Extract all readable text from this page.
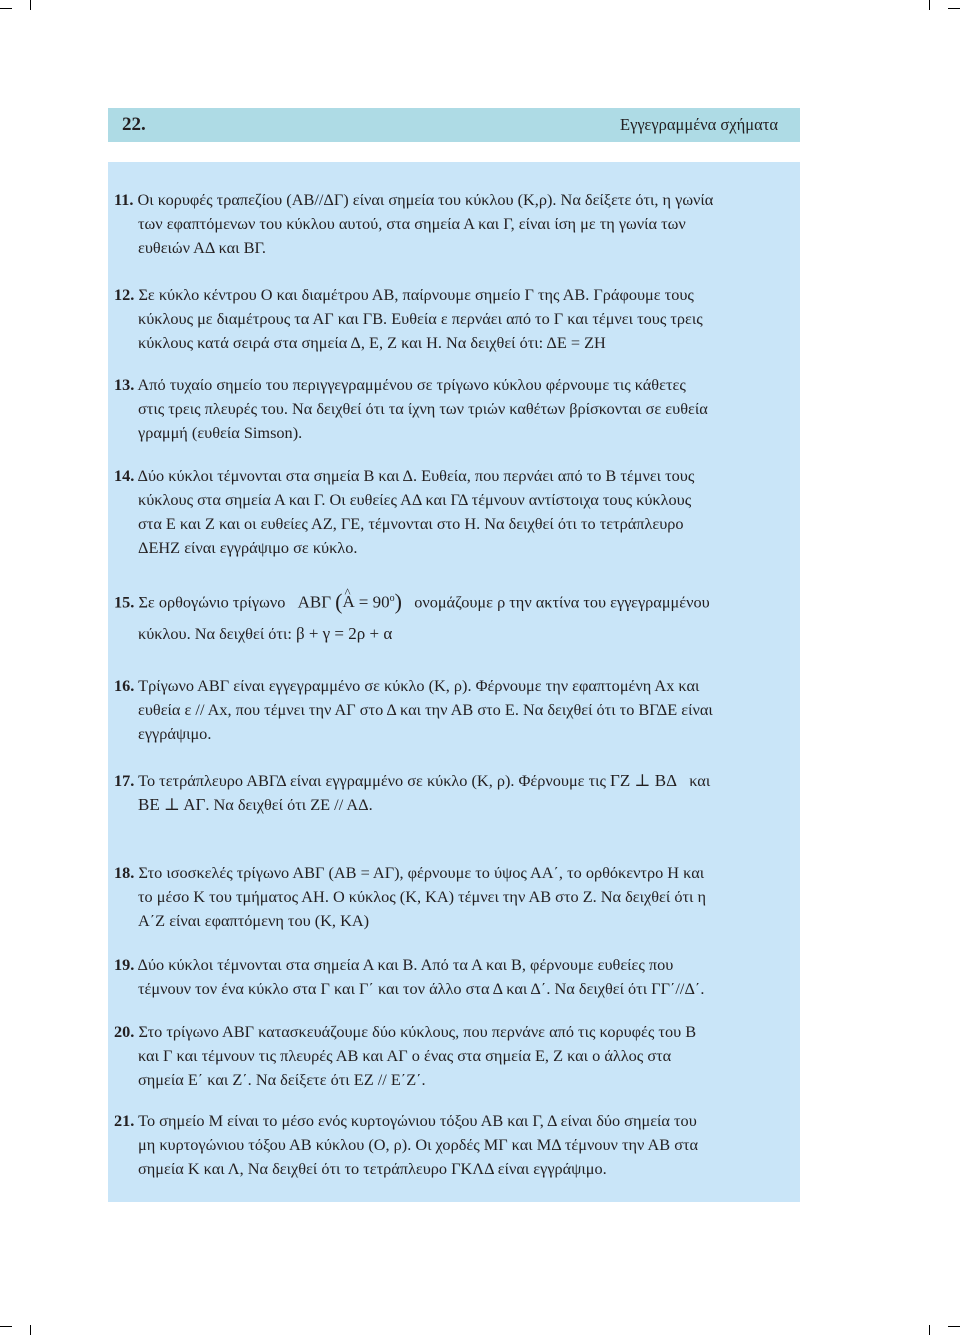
22.	Εγγεγραμμένα σχήματα
11. Οι κορυφές τραπεζίου (ΑΒ//ΔΓ) είναι σημεία του κύκλου (Κ,ρ). Να δείξετε ότι, η γωνία
των εφαπτόμενων του κύκλου αυτού, στα σημεία Α και Γ, είναι ίση με τη γωνία των
ευθειών ΑΔ και ΒΓ.
12. Σε κύκλο κέντρου Ο και διαμέτρου ΑΒ, παίρνουμε σημείο Γ της ΑΒ. Γράφουμε τους
κύκλους με διαμέτρους τα ΑΓ και ΓΒ. Ευθεία ε περνάει από το Γ και τέμνει τους τρεις
κύκλους κατά σειρά στα σημεία Δ, Ε, Ζ και Η. Να δειχθεί ότι: ΔΕ = ΖΗ
13. Από τυχαίο σημείο του περιγγεγραμμένου σε τρίγωνο κύκλου φέρνουμε τις κάθετες
στις τρεις πλευρές του. Να δειχθεί ότι τα ίχνη των τριών καθέτων βρίσκονται σε ευθεία
γραμμή (ευθεία Simson).
14. Δύο κύκλοι τέμνονται στα σημεία Β και Δ. Ευθεία, που περνάει από το Β τέμνει τους
κύκλους στα σημεία Α και Γ. Οι ευθείες ΑΔ και ΓΔ τέμνουν αντίστοιχα τους κύκλους
στα Ε και Ζ και οι ευθείες ΑΖ, ΓΕ, τέμνονται στο Η. Να δειχθεί ότι το τετράπλευρο
ΔΕΗΖ είναι εγγράψιμο σε κύκλο.
15. Σε ορθογώνιο τρίγωνο ΑΒΓ (^ $A = 90^o$) ονομάζουμε ρ την ακτίνα του εγγεγραμμένου
κύκλου. Να δειχθεί ότι: β + γ = 2ρ + α
16. Τρίγωνο ΑΒΓ είναι εγγεγραμμένο σε κύκλο (Κ, ρ). Φέρνουμε την εφαπτομένη Αx και
ευθεία ε // Αx, που τέμνει την ΑΓ στο Δ και την ΑΒ στο Ε. Να δειχθεί ότι το ΒΓΔΕ είναι
εγγράψιμο.
17. Το τετράπλευρο ΑΒΓΔ είναι εγγραμμένο σε κύκλο (Κ, ρ). Φέρνουμε τις ΓΖ ⊥ ΒΔ και
ΒΕ ⊥ ΑΓ. Να δειχθεί ότι ΖΕ // ΑΔ.
18. Στο ισοσκελές τρίγωνο ΑΒΓ (ΑΒ = ΑΓ), φέρνουμε το ύψος ΑΑ΄, το ορθόκεντρο Η και
το μέσο Κ του τμήματος ΑΗ. Ο κύκλος (Κ, ΚΑ) τέμνει την ΑΒ στο Ζ. Να δειχθεί ότι η
Α΄Ζ είναι εφαπτόμενη του (Κ, ΚΑ)
19. Δύο κύκλοι τέμνονται στα σημεία Α και Β. Από τα Α και Β, φέρνουμε ευθείες που
τέμνουν τον ένα κύκλο στα Γ και Γ΄ και τον άλλο στα Δ και Δ΄. Να δειχθεί ότι ΓΓ΄//Δ΄.
20. Στο τρίγωνο ΑΒΓ κατασκευάζουμε δύο κύκλους, που περνάνε από τις κορυφές του Β
και Γ και τέμνουν τις πλευρές ΑΒ και ΑΓ ο ένας στα σημεία Ε, Ζ και ο άλλος στα
σημεία Ε΄ και Ζ΄. Να δείξετε ότι ΕΖ // Ε΄Ζ΄.
21. Το σημείο Μ είναι το μέσο ενός κυρτογώνιου τόξου ΑΒ και Γ, Δ είναι δύο σημεία του
μη κυρτογώνιου τόξου ΑΒ κύκλου (Ο, ρ). Οι χορδές ΜΓ και ΜΔ τέμνουν την ΑΒ στα
σημεία Κ και Λ, Να δειχθεί ότι το τετράπλευρο ΓΚΛΔ είναι εγγράψιμο.
